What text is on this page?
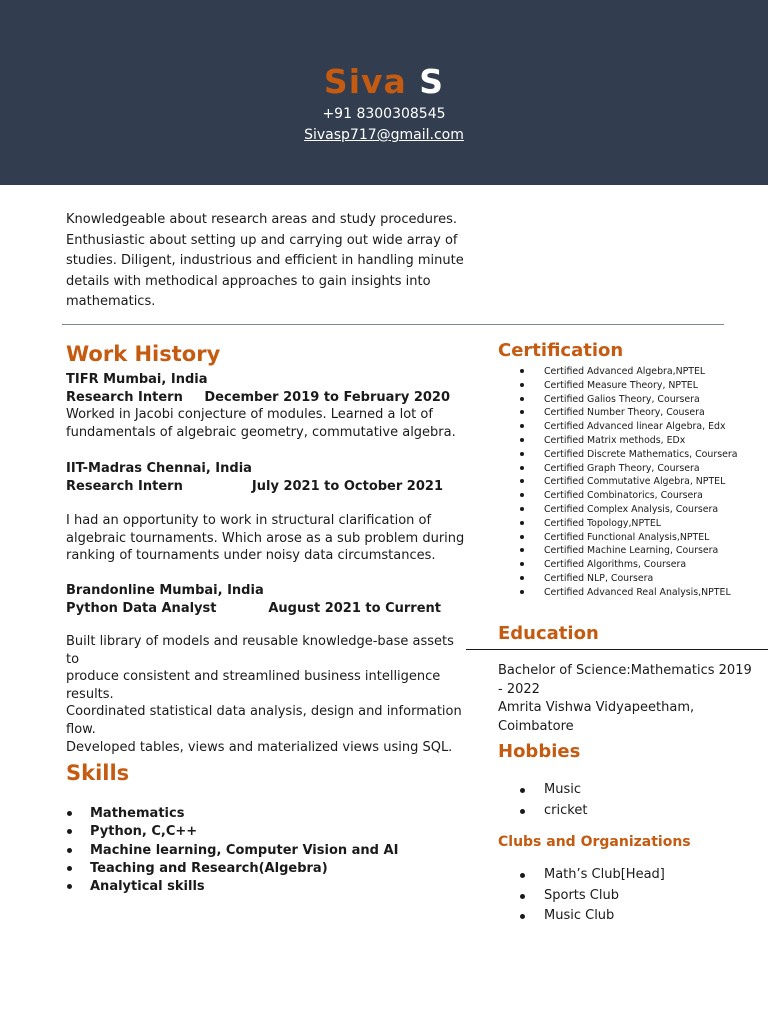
Siva S
+91 8300308545
Sivasp717@gmail.com
Knowledgeable about research areas and study procedures.
Enthusiastic about setting up and carrying out wide array of
studies. Diligent, industrious and efficient in handling minute
details with methodical approaches to gain insights into
mathematics.
Work History
TIFR Mumbai, India
Research Intern December 2019 to February 2020
Worked in Jacobi conjecture of modules. Learned a lot of
fundamentals of algebraic geometry, commutative algebra.
IIT-Madras Chennai, India
Research Intern	July 2021 to October 2021
I had an opportunity to work in structural clarification of
algebraic tournaments. Which arose as a sub problem during
ranking of tournaments under noisy data circumstances.
Brandonline Mumbai, India
Python Data Analyst	August 2021 to Current
Built library of models and reusable knowledge-base assets to
produce consistent and streamlined business intelligence
results.
Coordinated statistical data analysis, design and information
flow.
Developed tables, views and materialized views using SQL.
Skills
Mathematics
Python, C,C++
Machine learning, Computer Vision and AI
Teaching and Research(Algebra)
Analytical skills
Certification
Certified Advanced Algebra,NPTEL
Certified Measure Theory, NPTEL
Certified Galios Theory, Coursera
Certified Number Theory, Cousera
Certified Advanced linear Algebra, Edx
Certified Matrix methods, EDx
Certified Discrete Mathematics, Coursera
Certified Graph Theory, Coursera
Certified Commutative Algebra, NPTEL
Certified Combinatorics, Coursera
Certified Complex Analysis, Coursera
Certified Topology,NPTEL
Certified Functional Analysis,NPTEL
Certified Machine Learning, Coursera
Certified Algorithms, Coursera
Certified NLP, Coursera
Certified Advanced Real Analysis,NPTEL
Education
Bachelor of Science:Mathematics 2019
- 2022
Amrita Vishwa Vidyapeetham,
Coimbatore
Hobbies
Music
cricket
Clubs and Organizations
Math’s Club[Head]
Sports Club
Music Club
